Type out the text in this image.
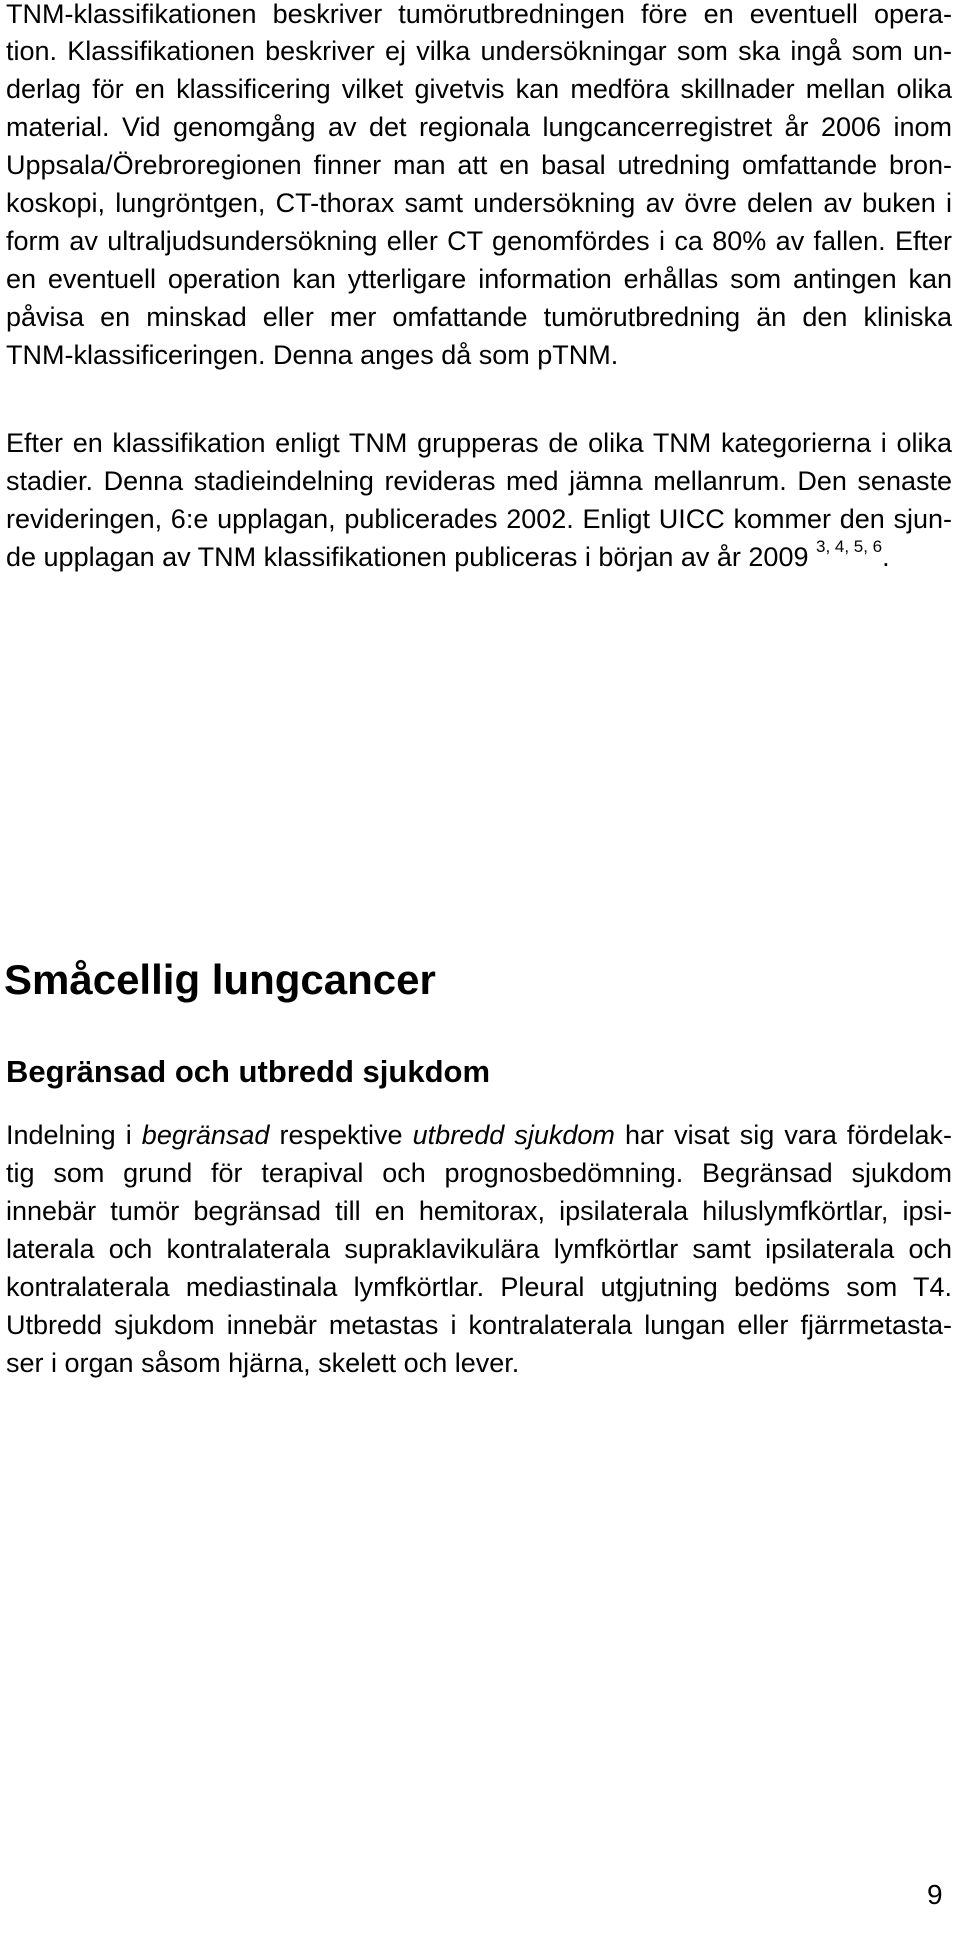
TNM-klassifikationen beskriver tumörutbredningen före en eventuell opera-
tion. Klassifikationen beskriver ej vilka undersökningar som ska ingå som un-
derlag för en klassificering vilket givetvis kan medföra skillnader mellan olika
material. Vid genomgång av det regionala lungcancerregistret år 2006 inom
Uppsala/Örebroregionen finner man att en basal utredning omfattande bron-
koskopi, lungröntgen, CT-thorax samt undersökning av övre delen av buken i
form av ultraljudsundersökning eller CT genomfördes i ca 80% av fallen. Efter
en eventuell operation kan ytterligare information erhållas som antingen kan
påvisa en minskad eller mer omfattande tumörutbredning än den kliniska
TNM-klassificeringen. Denna anges då som pTNM.
Efter en klassifikation enligt TNM grupperas de olika TNM kategorierna i olika
stadier. Denna stadieindelning revideras med jämna mellanrum. Den senaste
revideringen, 6:e upplagan, publicerades 2002. Enligt UICC kommer den sjun-
de upplagan av TNM klassifikationen publiceras i början av år 2009 $^{3, 4, 5, 6}$.
Småcellig lungcancer
Begränsad och utbredd sjukdom
Indelning i begränsad respektive utbredd sjukdom har visat sig vara fördelak-
tig som grund för terapival och prognosbedömning. Begränsad sjukdom
innebär tumör begränsad till en hemitorax, ipsilaterala hiluslymfkörtlar, ipsi-
laterala och kontralaterala supraklavikulära lymfkörtlar samt ipsilaterala och
kontralaterala mediastinala lymfkörtlar. Pleural utgjutning bedöms som T4.
Utbredd sjukdom innebär metastas i kontralaterala lungan eller fjärrmetasta-
ser i organ såsom hjärna, skelett och lever.
9
